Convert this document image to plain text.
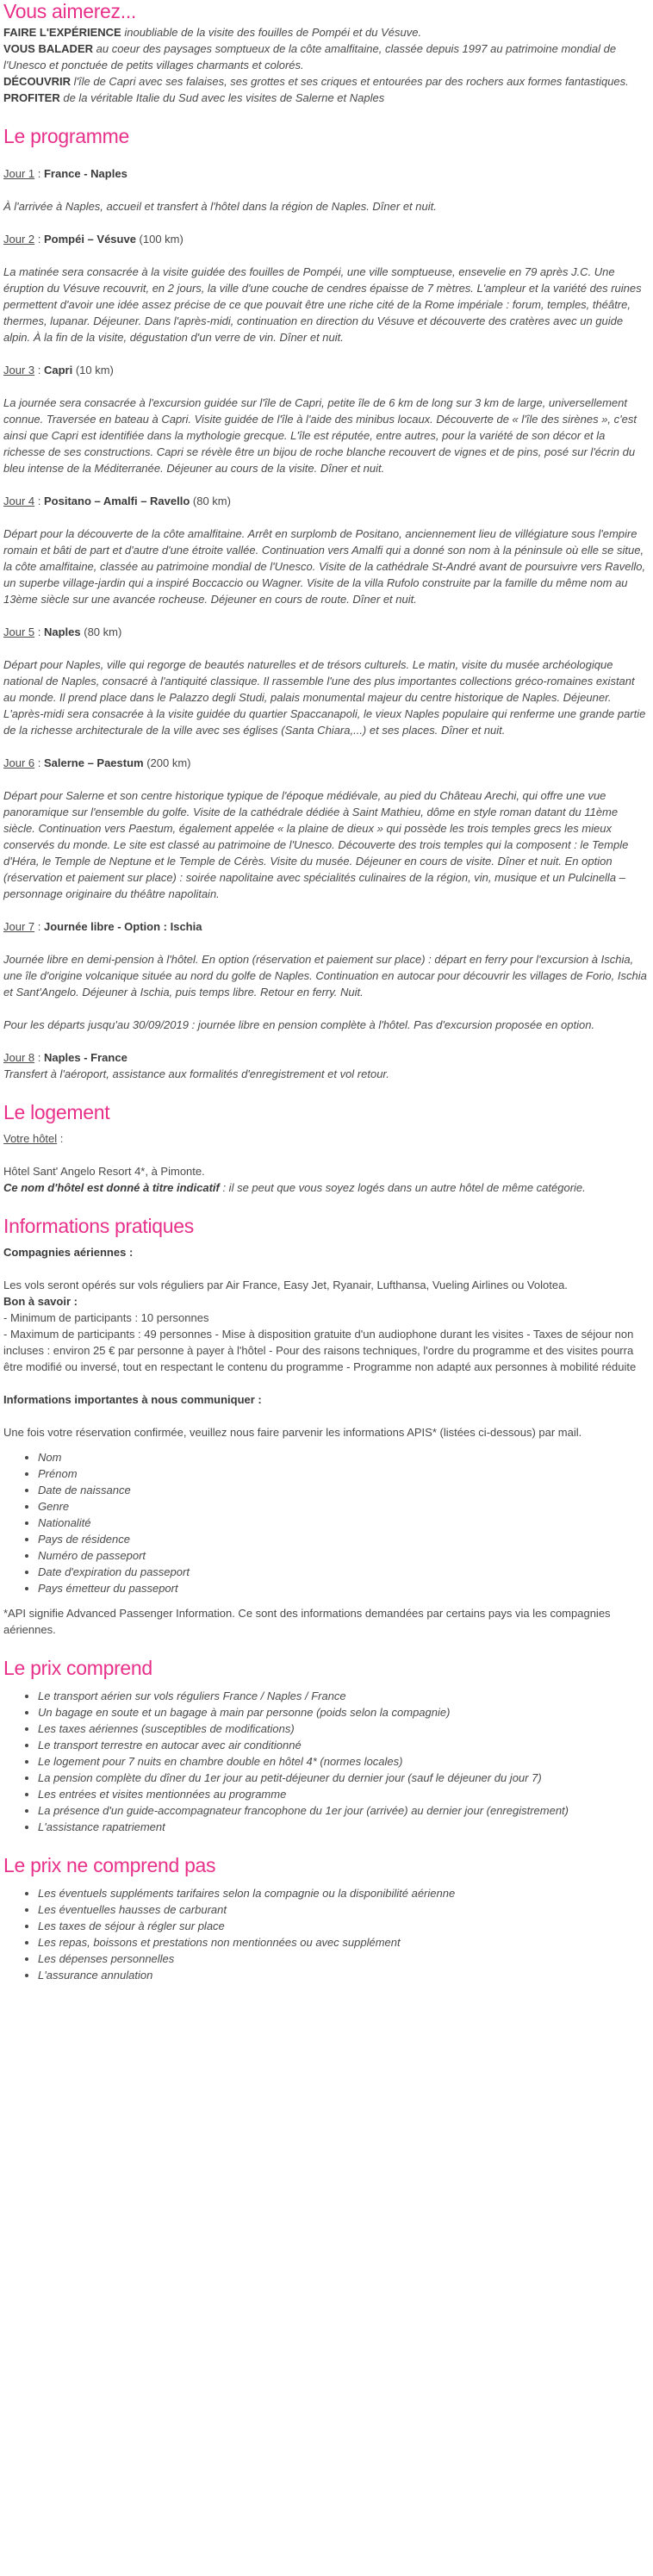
Vous aimerez...

FAIRE L'EXPÉRIENCE inoubliable de la visite des fouilles de Pompéi et du Vésuve.

VOUS BALADER au coeur des paysages somptueux de la côte amalfitaine, classée depuis 1997 au patrimoine mondial de l'Unesco et ponctuée de petits villages charmants et colorés.

DÉCOUVRIR l'île de Capri avec ses falaises, ses grottes et ses criques et entourées par des rochers aux formes fantastiques.

PROFITER de la véritable Italie du Sud avec les visites de Salerne et Naples

Le programme

Jour 1 : France - Naples

À l'arrivée à Naples, accueil et transfert à l'hôtel dans la région de Naples. Dîner et nuit.

Jour 2 : Pompéi – Vésuve (100 km)

La matinée sera consacrée à la visite guidée des fouilles de Pompéi, une ville somptueuse, ensevelie en 79 après J.C. Une éruption du Vésuve recouvrit, en 2 jours, la ville d'une couche de cendres épaisse de 7 mètres. L'ampleur et la variété des ruines permettent d'avoir une idée assez précise de ce que pouvait être une riche cité de la Rome impériale : forum, temples, théâtre, thermes, lupanar. Déjeuner. Dans l'après-midi, continuation en direction du Vésuve et découverte des cratères avec un guide alpin. À la fin de la visite, dégustation d'un verre de vin. Dîner et nuit.

Jour 3 : Capri (10 km)

La journée sera consacrée à l'excursion guidée sur l'île de Capri, petite île de 6 km de long sur 3 km de large, universellement connue. Traversée en bateau à Capri. Visite guidée de l'île à l'aide des minibus locaux. Découverte de « l'île des sirènes », c'est ainsi que Capri est identifiée dans la mythologie grecque. L'île est réputée, entre autres, pour la variété de son décor et la richesse de ses constructions. Capri se révèle être un bijou de roche blanche recouvert de vignes et de pins, posé sur l'écrin du bleu intense de la Méditerranée. Déjeuner au cours de la visite. Dîner et nuit.

Jour 4 : Positano – Amalfi – Ravello (80 km)

Départ pour la découverte de la côte amalfitaine. Arrêt en surplomb de Positano, anciennement lieu de villégiature sous l'empire romain et bâti de part et d'autre d'une étroite vallée. Continuation vers Amalfi qui a donné son nom à la péninsule où elle se situe, la côte amalfitaine, classée au patrimoine mondial de l'Unesco. Visite de la cathédrale St-André avant de poursuivre vers Ravello, un superbe village-jardin qui a inspiré Boccaccio ou Wagner. Visite de la villa Rufolo construite par la famille du même nom au 13ème siècle sur une avancée rocheuse. Déjeuner en cours de route. Dîner et nuit.

Jour 5 : Naples (80 km)

Départ pour Naples, ville qui regorge de beautés naturelles et de trésors culturels. Le matin, visite du musée archéologique national de Naples, consacré à l'antiquité classique. Il rassemble l'une des plus importantes collections gréco-romaines existant au monde. Il prend place dans le Palazzo degli Studi, palais monumental majeur du centre historique de Naples. Déjeuner. L'après-midi sera consacrée à la visite guidée du quartier Spaccanapoli, le vieux Naples populaire qui renferme une grande partie de la richesse architecturale de la ville avec ses églises (Santa Chiara,...) et ses places. Dîner et nuit.

Jour 6 : Salerne – Paestum (200 km)

Départ pour Salerne et son centre historique typique de l'époque médiévale, au pied du Château Arechi, qui offre une vue panoramique sur l'ensemble du golfe. Visite de la cathédrale dédiée à Saint Mathieu, dôme en style roman datant du 11ème siècle. Continuation vers Paestum, également appelée « la plaine de dieux » qui possède les trois temples grecs les mieux conservés du monde. Le site est classé au patrimoine de l'Unesco. Découverte des trois temples qui la composent : le Temple d'Héra, le Temple de Neptune et le Temple de Cérès. Visite du musée. Déjeuner en cours de visite. Dîner et nuit. En option (réservation et paiement sur place) : soirée napolitaine avec spécialités culinaires de la région, vin, musique et un Pulcinella – personnage originaire du théâtre napolitain.

Jour 7 : Journée libre - Option : Ischia

Journée libre en demi-pension à l'hôtel. En option (réservation et paiement sur place) : départ en ferry pour l'excursion à Ischia, une île d'origine volcanique située au nord du golfe de Naples. Continuation en autocar pour découvrir les villages de Forio, Ischia et Sant'Angelo. Déjeuner à Ischia, puis temps libre. Retour en ferry. Nuit.

Pour les départs jusqu'au 30/09/2019 : journée libre en pension complète à l'hôtel. Pas d'excursion proposée en option.

Jour 8 : Naples - France

Transfert à l'aéroport, assistance aux formalités d'enregistrement et vol retour.

Le logement

Votre hôtel :

Hôtel Sant' Angelo Resort 4*, à Pimonte.

Ce nom d'hôtel est donné à titre indicatif : il se peut que vous soyez logés dans un autre hôtel de même catégorie.

Informations pratiques

Compagnies aériennes :

Les vols seront opérés sur vols réguliers par Air France, Easy Jet, Ryanair, Lufthansa, Vueling Airlines ou Volotea.

Bon à savoir :

- Minimum de participants : 10 personnes

- Maximum de participants : 49 personnes - Mise à disposition gratuite d'un audiophone durant les visites - Taxes de séjour non incluses : environ 25 € par personne à payer à l'hôtel - Pour des raisons techniques, l'ordre du programme et des visites pourra être modifié ou inversé, tout en respectant le contenu du programme - Programme non adapté aux personnes à mobilité réduite

Informations importantes à nous communiquer :

Une fois votre réservation confirmée, veuillez nous faire parvenir les informations APIS* (listées ci-dessous) par mail.

• Nom
• Prénom
• Date de naissance
• Genre
• Nationalité
• Pays de résidence
• Numéro de passeport
• Date d'expiration du passeport
• Pays émetteur du passeport

*API signifie Advanced Passenger Information. Ce sont des informations demandées par certains pays via les compagnies aériennes.

Le prix comprend
• Le transport aérien sur vols réguliers France / Naples / France
• Un bagage en soute et un bagage à main par personne (poids selon la compagnie)
• Les taxes aériennes (susceptibles de modifications)
• Le transport terrestre en autocar avec air conditionné
• Le logement pour 7 nuits en chambre double en hôtel 4* (normes locales)
• La pension complète du dîner du 1er jour au petit-déjeuner du dernier jour (sauf le déjeuner du jour 7)
• Les entrées et visites mentionnées au programme
• La présence d'un guide-accompagnateur francophone du 1er jour (arrivée) au dernier jour (enregistrement)
• L'assistance rapatriement
Le prix ne comprend pas
• Les éventuels suppléments tarifaires selon la compagnie ou la disponibilité aérienne
• Les éventuelles hausses de carburant
• Les taxes de séjour à régler sur place
• Les repas, boissons et prestations non mentionnées ou avec supplément
• Les dépenses personnelles
• L'assurance annulation
